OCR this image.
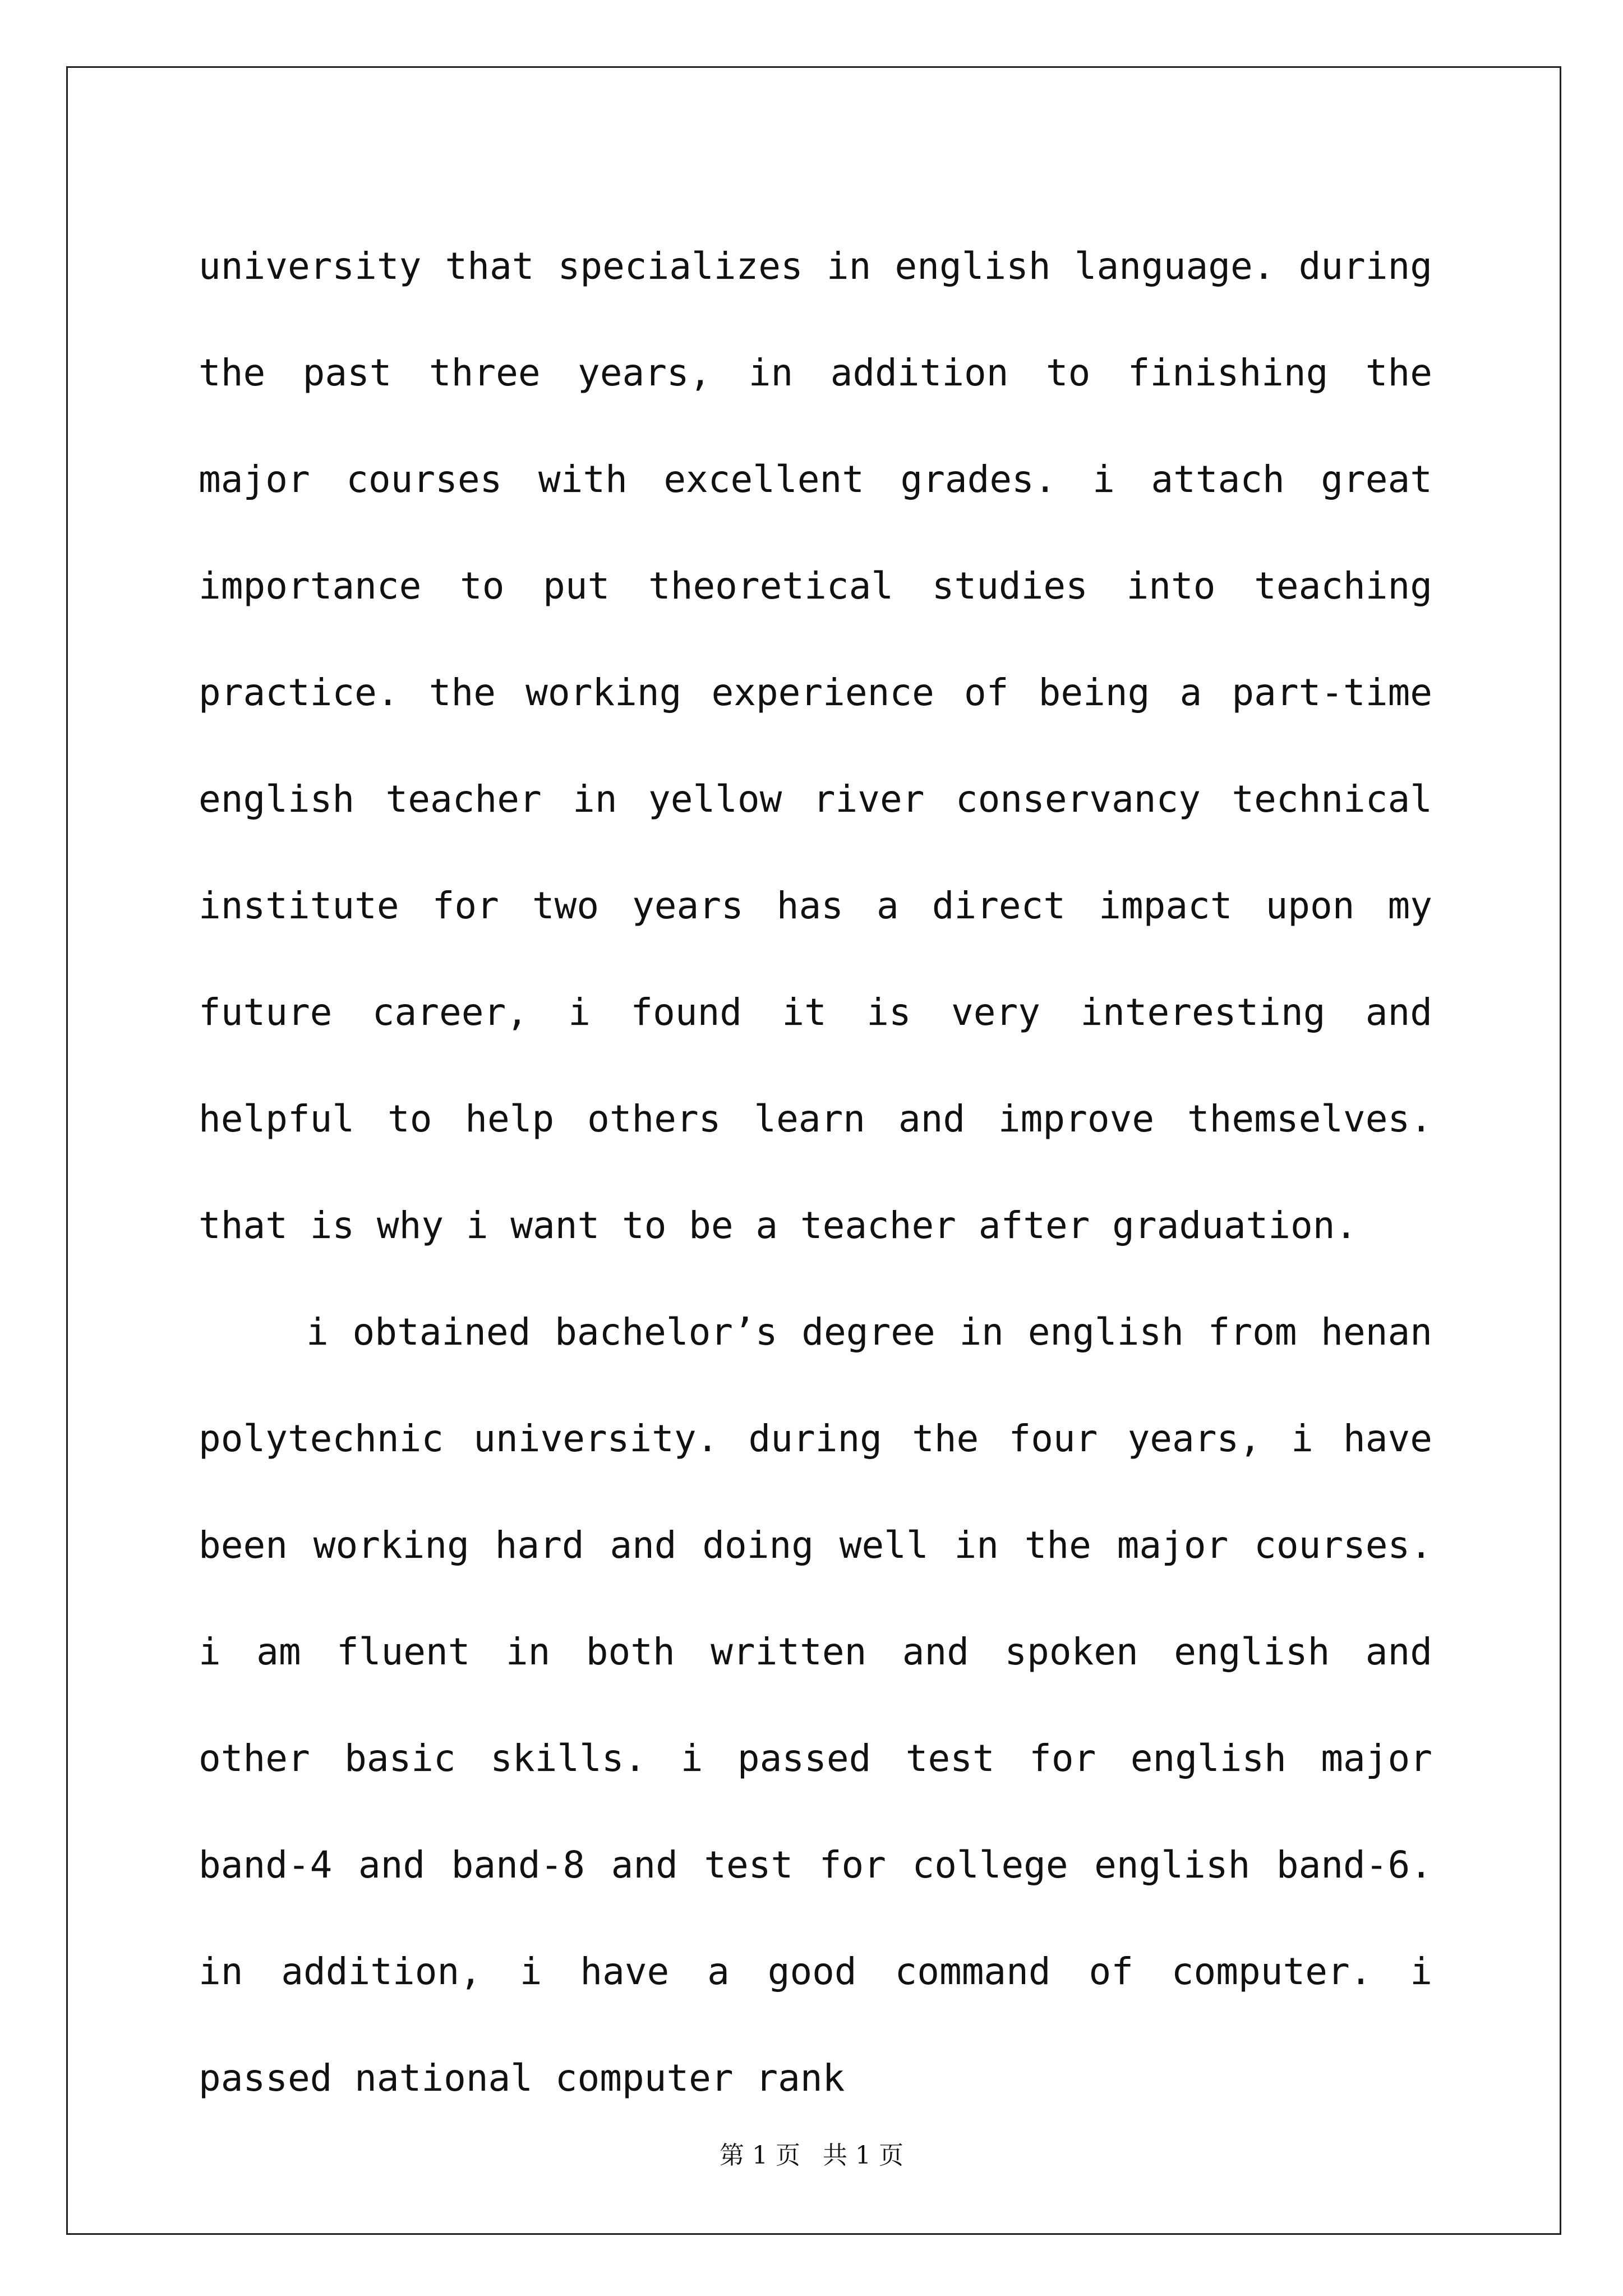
university that specializes in english language. during the past three years, in addition to finishing the major courses with excellent grades. i attach great importance to put theoretical studies into teaching practice. the working experience of being a part-time english teacher in yellow river conservancy technical institute for two years has a direct impact upon my future career, i found it is very interesting and helpful to help others learn and improve themselves. that is why i want to be a teacher after graduation.

i obtained bachelor’s degree in english from henan polytechnic university. during the four years, i have been working hard and doing well in the major courses. i am fluent in both written and spoken english and other basic skills. i passed test for english major band-4 and band-8 and test for college english band-6. in addition, i have a good command of computer. i passed national computer rank

第 1 页 共 1 页
